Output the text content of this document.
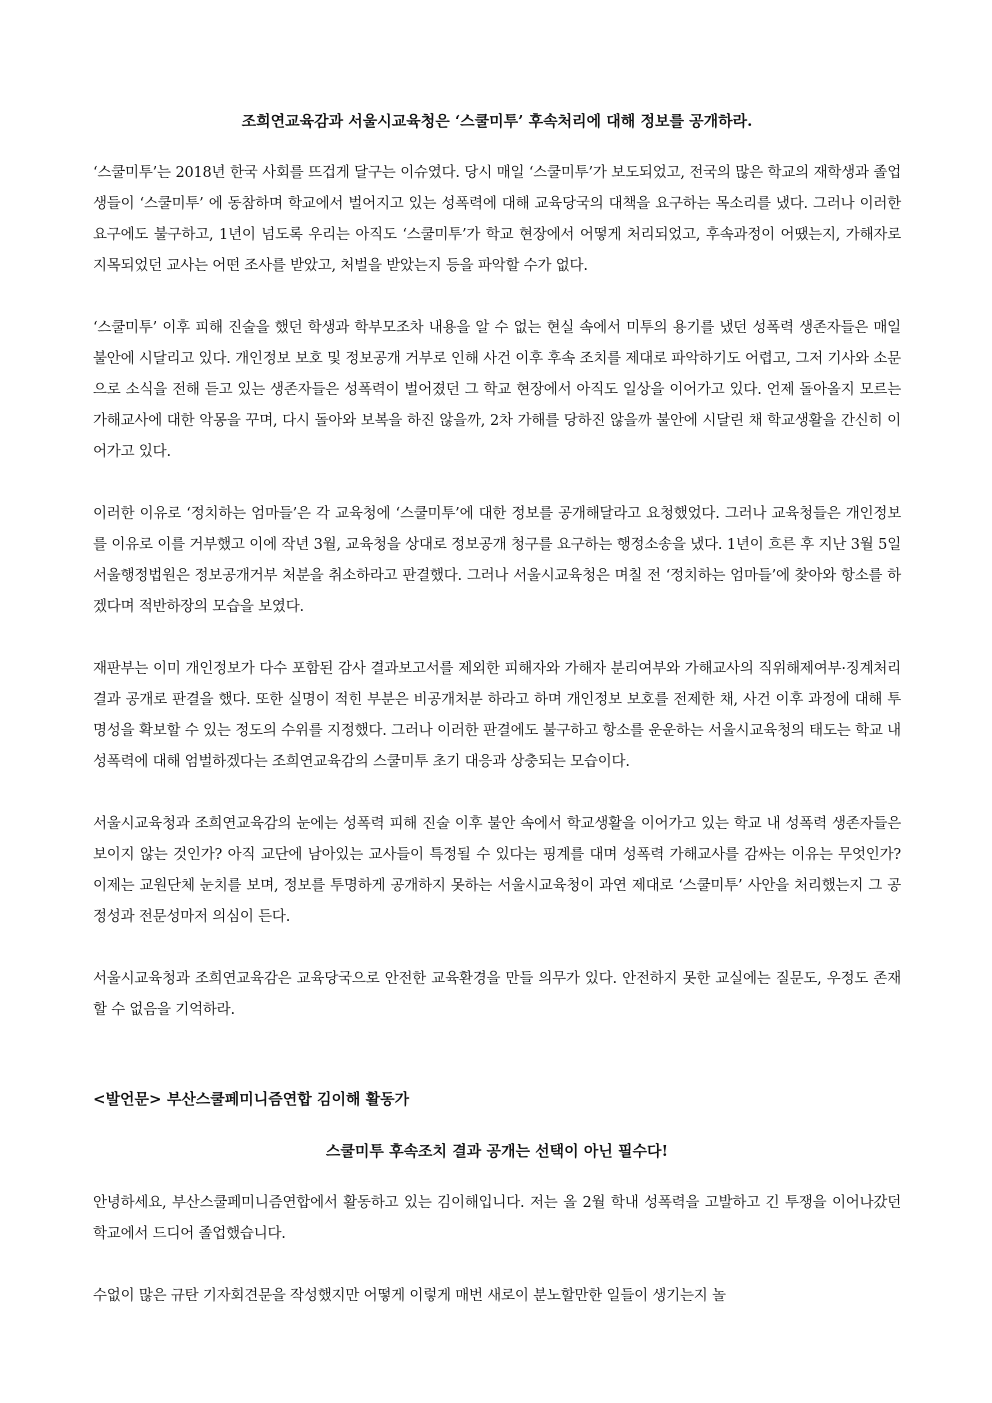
조희연교육감과 서울시교육청은 ‘스쿨미투’ 후속처리에 대해 정보를 공개하라.

‘스쿨미투’는 2018년 한국 사회를 뜨겁게 달구는 이슈였다. 당시 매일 ‘스쿨미투’가 보도되었고, 전국의 많은 학교의 재학생과 졸업생들이 ‘스쿨미투’ 에 동참하며 학교에서 벌어지고 있는 성폭력에 대해 교육당국의 대책을 요구하는 목소리를 냈다. 그러나 이러한 요구에도 불구하고, 1년이 넘도록 우리는 아직도 ‘스쿨미투’가 학교 현장에서 어떻게 처리되었고, 후속과정이 어땠는지, 가해자로 지목되었던 교사는 어떤 조사를 받았고, 처벌을 받았는지 등을 파악할 수가 없다.

‘스쿨미투’ 이후 피해 진술을 했던 학생과 학부모조차 내용을 알 수 없는 현실 속에서 미투의 용기를 냈던 성폭력 생존자들은 매일 불안에 시달리고 있다. 개인정보 보호 및 정보공개 거부로 인해 사건 이후 후속 조치를 제대로 파악하기도 어렵고, 그저 기사와 소문으로 소식을 전해 듣고 있는 생존자들은 성폭력이 벌어졌던 그 학교 현장에서 아직도 일상을 이어가고 있다. 언제 돌아올지 모르는 가해교사에 대한 악몽을 꾸며, 다시 돌아와 보복을 하진 않을까, 2차 가해를 당하진 않을까 불안에 시달린 채 학교생활을 간신히 이어가고 있다.

이러한 이유로 ‘정치하는 엄마들’은 각 교육청에 ‘스쿨미투’에 대한 정보를 공개해달라고 요청했었다. 그러나 교육청들은 개인정보를 이유로 이를 거부했고 이에 작년 3월, 교육청을 상대로 정보공개 청구를 요구하는 행정소송을 냈다. 1년이 흐른 후 지난 3월 5일 서울행정법원은 정보공개거부 처분을 취소하라고 판결했다. 그러나 서울시교육청은 며칠 전 ‘정치하는 엄마들’에 찾아와 항소를 하겠다며 적반하장의 모습을 보였다.

재판부는 이미 개인정보가 다수 포함된 감사 결과보고서를 제외한 피해자와 가해자 분리여부와 가해교사의 직위해제여부·징계처리결과 공개로 판결을 했다. 또한 실명이 적힌 부분은 비공개처분 하라고 하며 개인정보 보호를 전제한 채, 사건 이후 과정에 대해 투명성을 확보할 수 있는 정도의 수위를 지정했다. 그러나 이러한 판결에도 불구하고 항소를 운운하는 서울시교육청의 태도는 학교 내 성폭력에 대해 엄벌하겠다는 조희연교육감의 스쿨미투 초기 대응과 상충되는 모습이다.

서울시교육청과 조희연교육감의 눈에는 성폭력 피해 진술 이후 불안 속에서 학교생활을 이어가고 있는 학교 내 성폭력 생존자들은 보이지 않는 것인가? 아직 교단에 남아있는 교사들이 특정될 수 있다는 핑계를 대며 성폭력 가해교사를 감싸는 이유는 무엇인가? 이제는 교원단체 눈치를 보며, 정보를 투명하게 공개하지 못하는 서울시교육청이 과연 제대로 ‘스쿨미투’ 사안을 처리했는지 그 공정성과 전문성마저 의심이 든다.

서울시교육청과 조희연교육감은 교육당국으로 안전한 교육환경을 만들 의무가 있다. 안전하지 못한 교실에는 질문도, 우정도 존재할 수 없음을 기억하라.

<발언문> 부산스쿨페미니즘연합 김이해 활동가
스쿨미투 후속조치 결과 공개는 선택이 아닌 필수다!

안녕하세요, 부산스쿨페미니즘연합에서 활동하고 있는 김이해입니다. 저는 올 2월 학내 성폭력을 고발하고 긴 투쟁을 이어나갔던 학교에서 드디어 졸업했습니다.

수없이 많은 규탄 기자회견문을 작성했지만 어떻게 이렇게 매번 새로이 분노할만한 일들이 생기는지 놀
